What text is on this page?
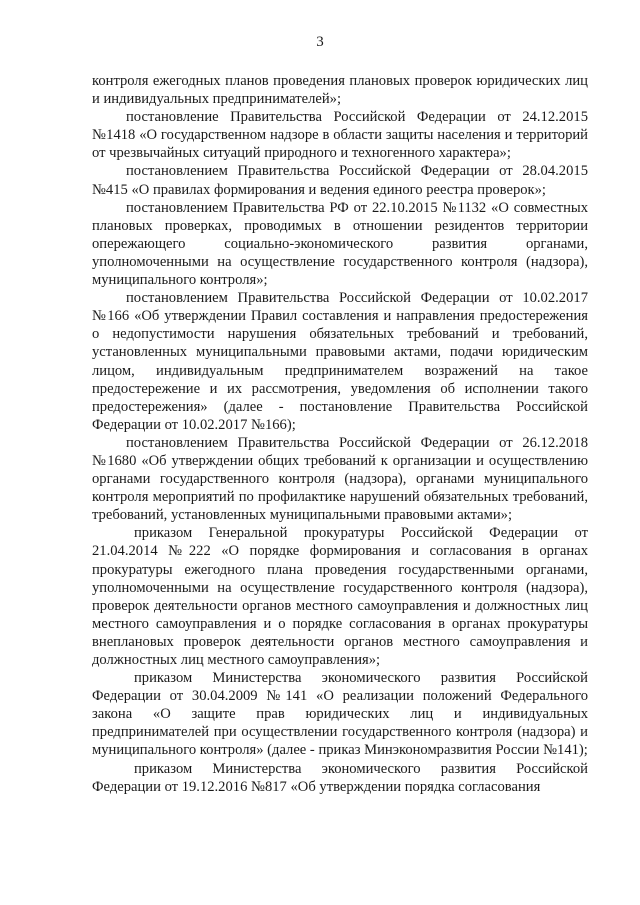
3

контроля ежегодных планов проведения плановых проверок юридических лиц и индивидуальных предпринимателей»;

постановление Правительства Российской Федерации от 24.12.2015 №1418 «О государственном надзоре в области защиты населения и территорий от чрезвычайных ситуаций природного и техногенного характера»;

постановлением Правительства Российской Федерации от 28.04.2015 №415 «О правилах формирования и ведения единого реестра проверок»;

постановлением Правительства РФ от 22.10.2015 №1132 «О совместных плановых проверках, проводимых в отношении резидентов территории опережающего социально-экономического развития органами, уполномоченными на осуществление государственного контроля (надзора), муниципального контроля»;

постановлением Правительства Российской Федерации от 10.02.2017 №166 «Об утверждении Правил составления и направления предостережения о недопустимости нарушения обязательных требований и требований, установленных муниципальными правовыми актами, подачи юридическим лицом, индивидуальным предпринимателем возражений на такое предостережение и их рассмотрения, уведомления об исполнении такого предостережения» (далее - постановление Правительства Российской Федерации от 10.02.2017 №166);

постановлением Правительства Российской Федерации от 26.12.2018 №1680 «Об утверждении общих требований к организации и осуществлению органами государственного контроля (надзора), органами муниципального контроля мероприятий по профилактике нарушений обязательных требований, требований, установленных муниципальными правовыми актами»;

приказом Генеральной прокуратуры Российской Федерации от 21.04.2014 №222 «О порядке формирования и согласования в органах прокуратуры ежегодного плана проведения государственными органами, уполномоченными на осуществление государственного контроля (надзора), проверок деятельности органов местного самоуправления и должностных лиц местного самоуправления и о порядке согласования в органах прокуратуры внеплановых проверок деятельности органов местного самоуправления и должностных лиц местного самоуправления»;

приказом Министерства экономического развития Российской Федерации от 30.04.2009 №141 «О реализации положений Федерального закона «О защите прав юридических лиц и индивидуальных предпринимателей при осуществлении государственного контроля (надзора) и муниципального контроля» (далее - приказ Минэкономразвития России №141);

приказом Министерства экономического развития Российской Федерации от 19.12.2016 №817 «Об утверждении порядка согласования
